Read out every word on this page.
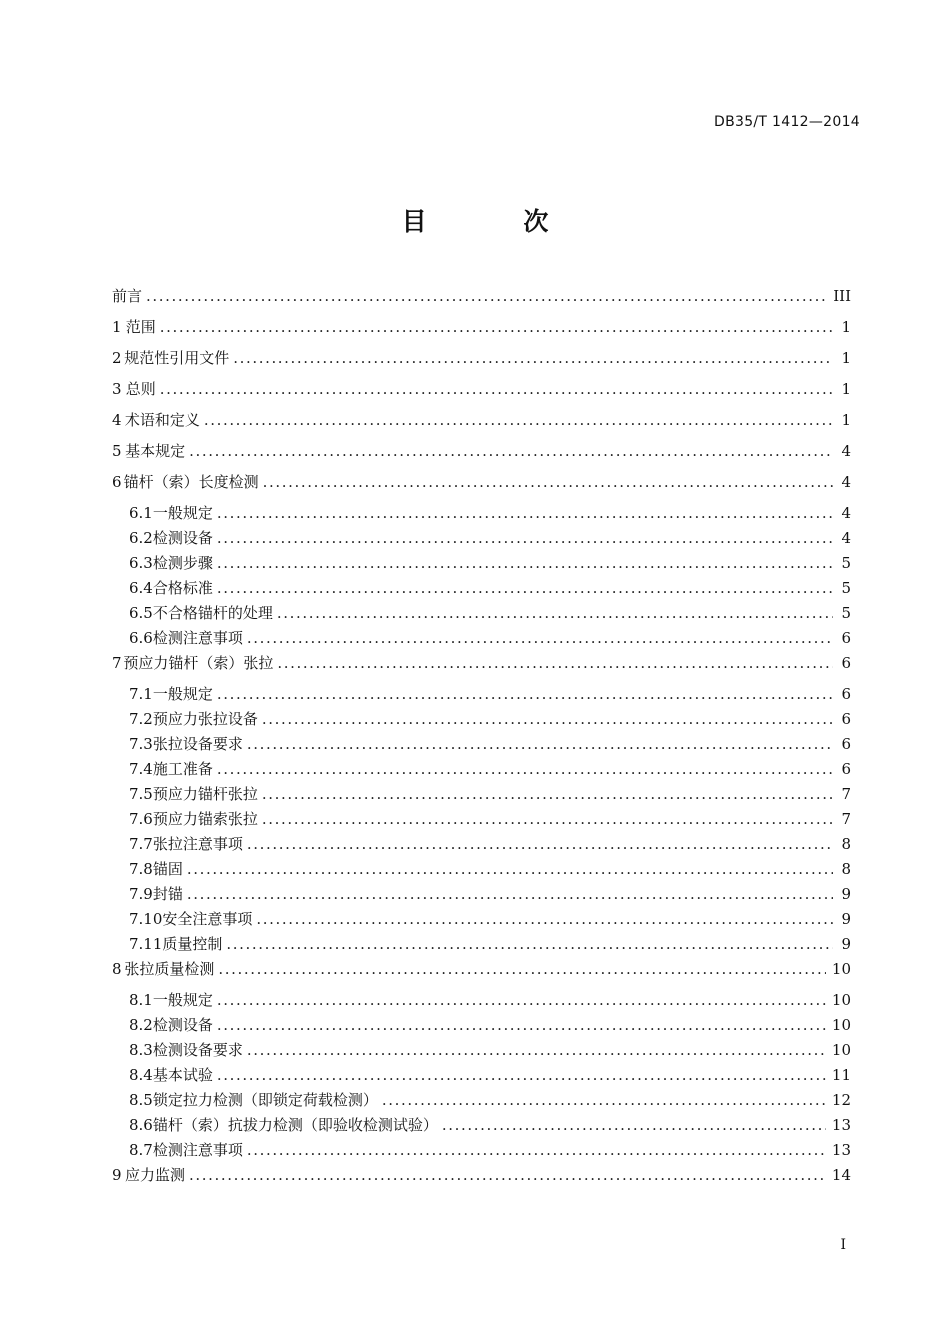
DB35/T 1412—2014
目 次
前言 .....	III
1 范围 .....	1
2 规范性引用文件 .....	1
3 总则 .....	1
4 术语和定义 .....	1
5 基本规定 .....	4
6 锚杆（索）长度检测 .....	4
6.1 一般规定 .....	4
6.2 检测设备 .....	4
6.3 检测步骤 .....	5
6.4 合格标准 .....	5
6.5 不合格锚杆的处理 .....	5
6.6 检测注意事项 .....	6
7 预应力锚杆（索）张拉 .....	6
7.1 一般规定 .....	6
7.2 预应力张拉设备 .....	6
7.3 张拉设备要求 .....	6
7.4 施工准备 .....	6
7.5 预应力锚杆张拉 .....	7
7.6 预应力锚索张拉 .....	7
7.7 张拉注意事项 .....	8
7.8 锚固 .....	8
7.9 封锚 .....	9
7.10 安全注意事项 .....	9
7.11 质量控制 .....	9
8 张拉质量检测 .....	10
8.1 一般规定 .....	10
8.2 检测设备 .....	10
8.3 检测设备要求 .....	10
8.4 基本试验 .....	11
8.5 锁定拉力检测（即锁定荷载检测） .....	12
8.6 锚杆（索）抗拔力检测（即验收检测试验） .....	13
8.7 检测注意事项 .....	13
9 应力监测 .....	14
I
